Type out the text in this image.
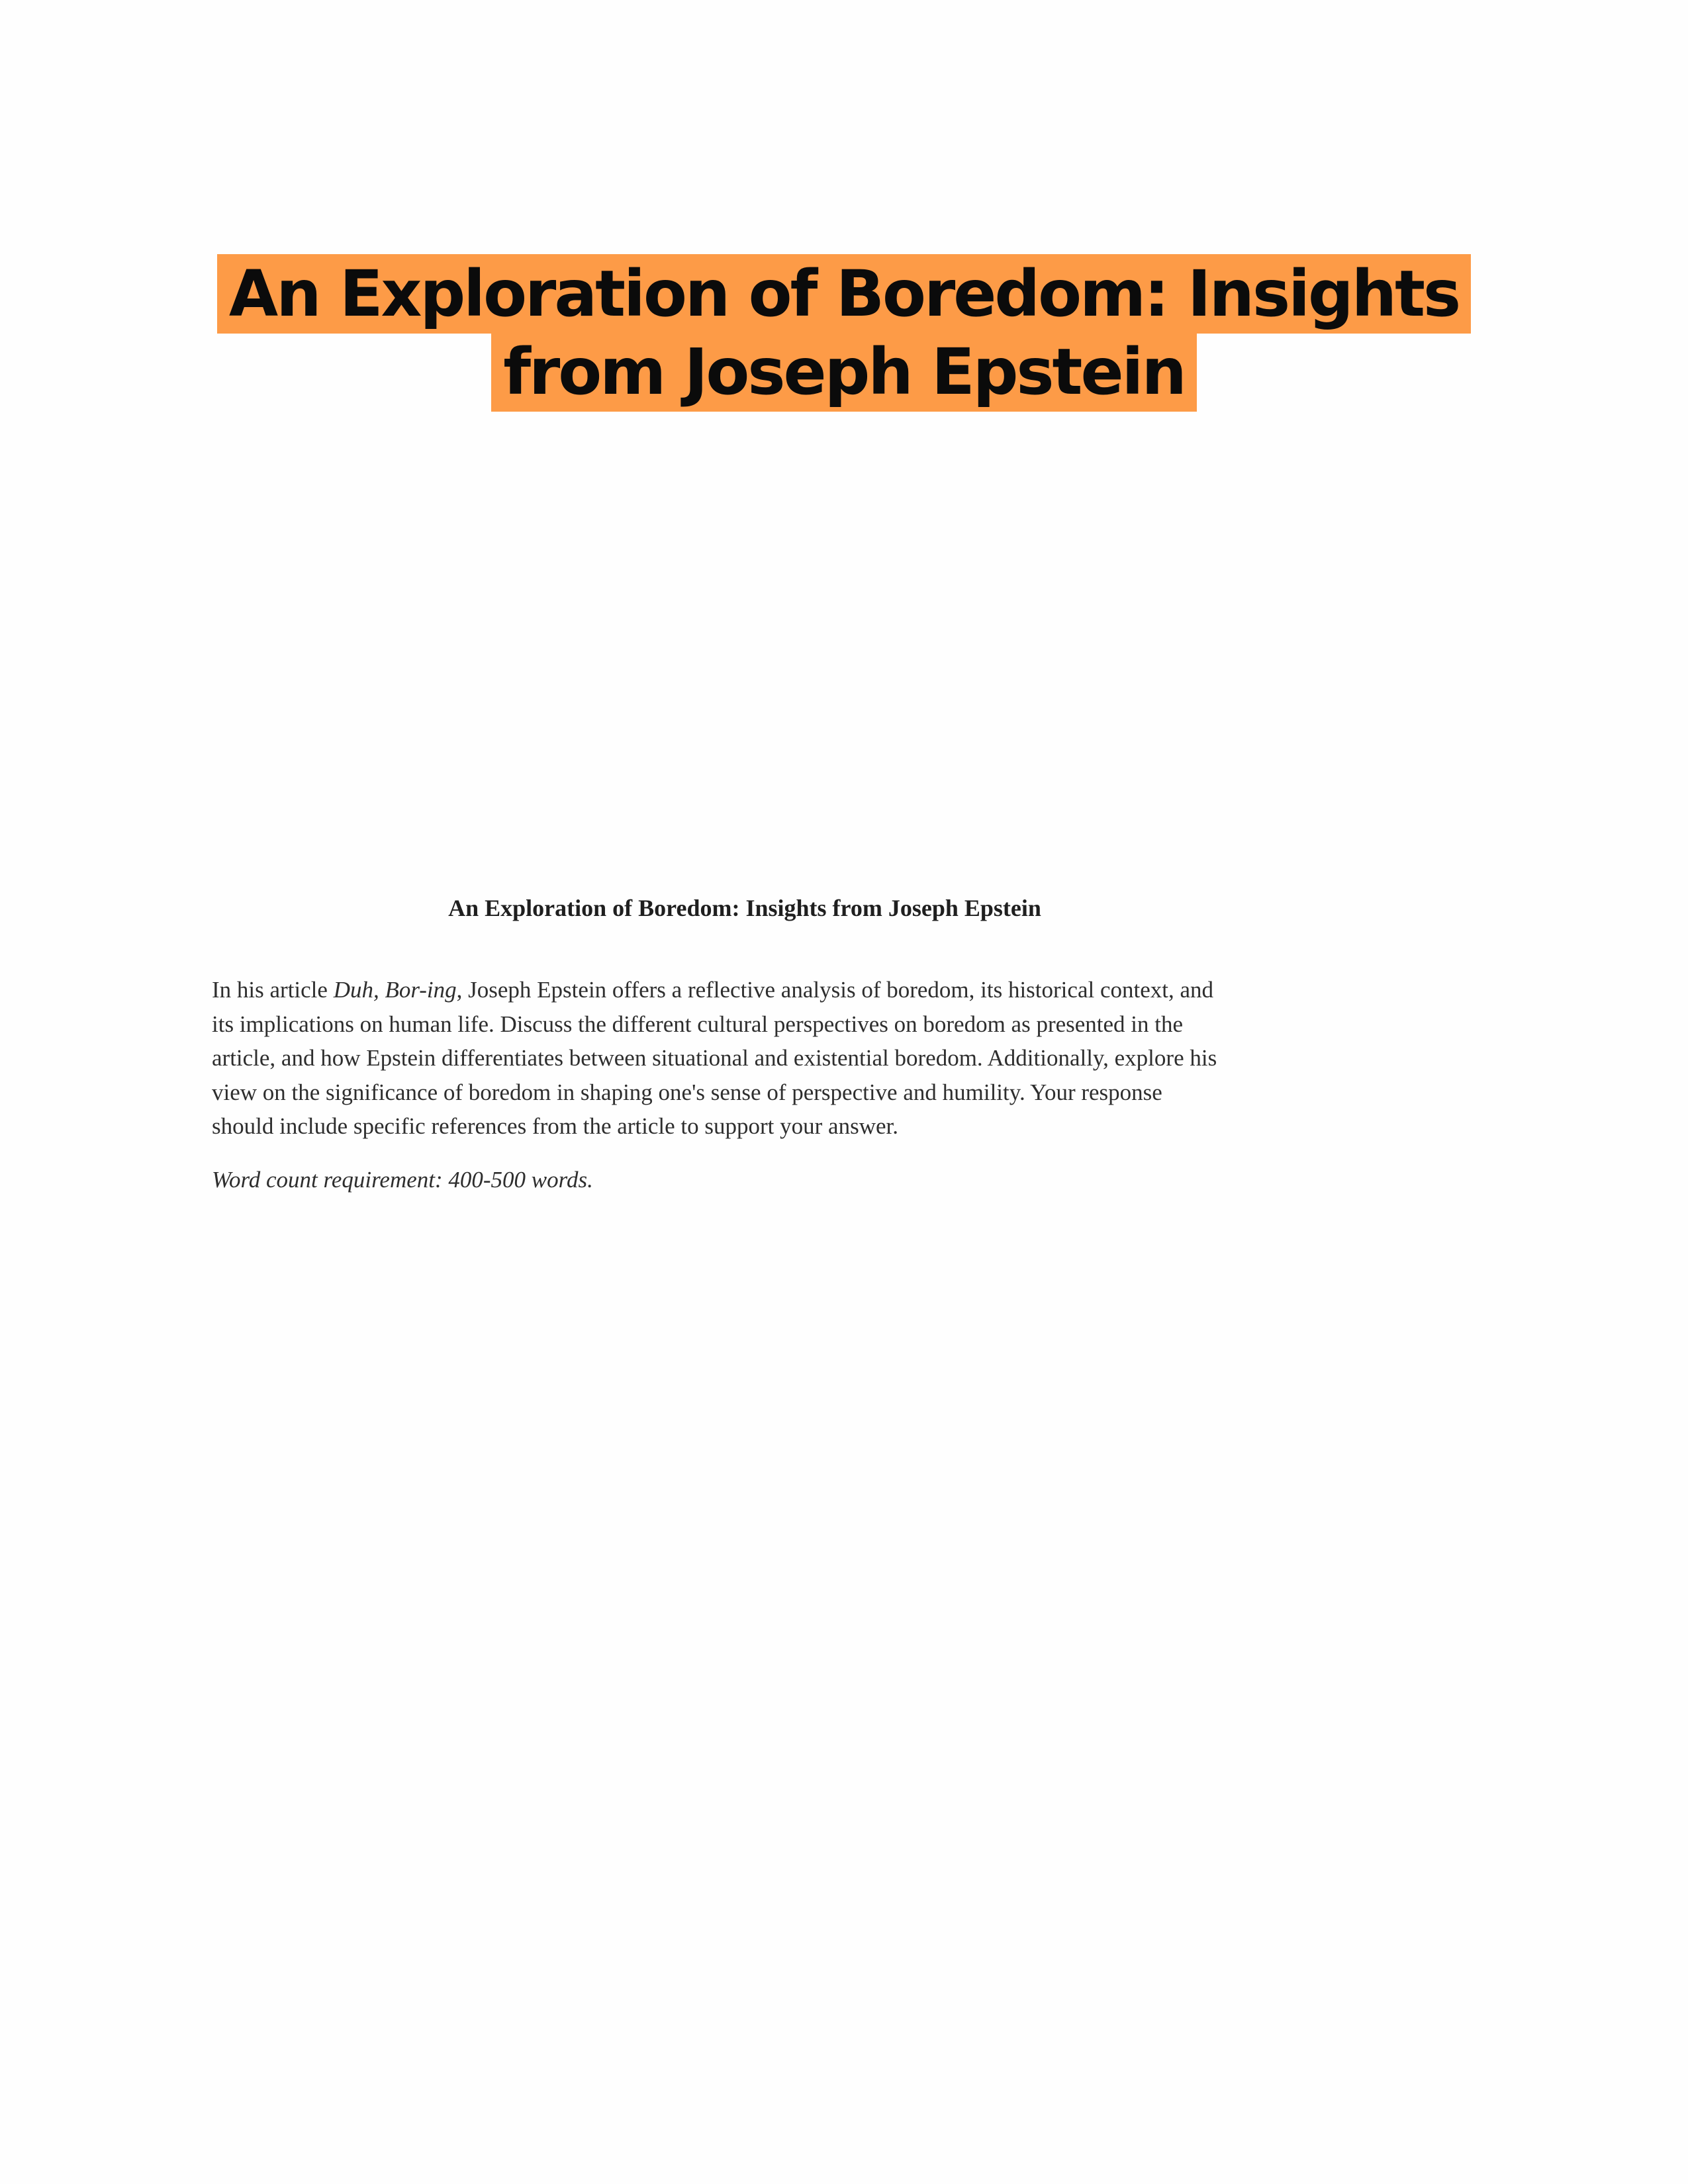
An Exploration of Boredom: Insights from Joseph Epstein
An Exploration of Boredom: Insights from Joseph Epstein

In his article Duh, Bor-ing, Joseph Epstein offers a reflective analysis of boredom, its historical context, and its implications on human life. Discuss the different cultural perspectives on boredom as presented in the article, and how Epstein differentiates between situational and existential boredom. Additionally, explore his view on the significance of boredom in shaping one's sense of perspective and humility. Your response should include specific references from the article to support your answer.

Word count requirement: 400-500 words.
